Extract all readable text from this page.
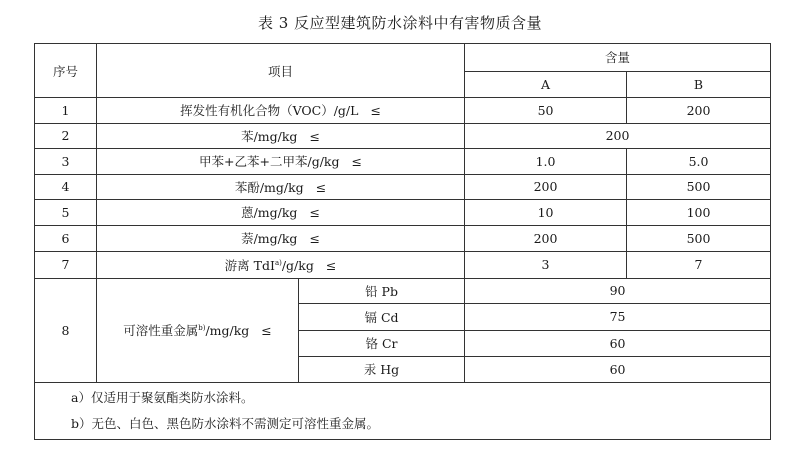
表 3 反应型建筑防水涂料中有害物质含量
序号	项目		含量	
			A	B
1	挥发性有机化合物（VOC）/g/L ≤		50	200
2	苯/mg/kg ≤		200	
3	甲苯+乙苯+二甲苯/g/kg ≤		1.0	5.0
4	苯酚/mg/kg ≤		200	500
5	蒽/mg/kg ≤		10	100
6	萘/mg/kg ≤		200	500
7	游离 TdI$^{a)}$/g/kg ≤		3	7
8	可溶性重金属$^{b)}$/mg/kg ≤	铅 Pb	90	
		镉 Cd	75	
		铬 Cr	60	
		汞 Hg	60	

a）仅适用于聚氨酯类防水涂料。
b）无色、白色、黑色防水涂料不需测定可溶性重金属。				
